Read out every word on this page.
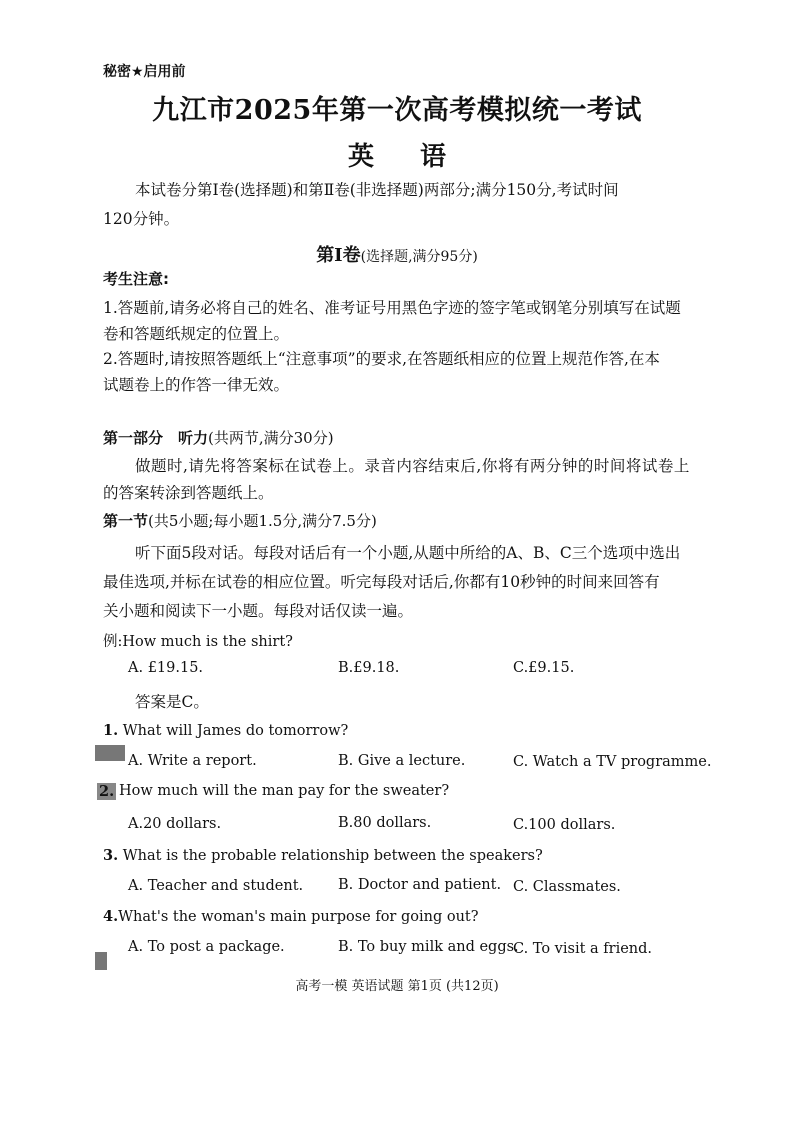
秘密★启用前
九江市2025年第一次高考模拟统一考试
英语
本试卷分第Ⅰ卷(选择题)和第Ⅱ卷(非选择题)两部分;满分150分,考试时间
120分钟。
第Ⅰ卷(选择题,满分95分)
考生注意:
1.答题前,请务必将自己的姓名、准考证号用黑色字迹的签字笔或钢笔分别填写在试题
卷和答题纸规定的位置上。
2.答题时,请按照答题纸上“注意事项”的要求,在答题纸相应的位置上规范作答,在本
试题卷上的作答一律无效。
第一部分　听力(共两节,满分30分)
做题时,请先将答案标在试卷上。录音内容结束后,你将有两分钟的时间将试卷上
的答案转涂到答题纸上。
第一节(共5小题;每小题1.5分,满分7.5分)
听下面5段对话。每段对话后有一个小题,从题中所给的A、B、C三个选项中选出
最佳选项,并标在试卷的相应位置。听完每段对话后,你都有10秒钟的时间来回答有
关小题和阅读下一小题。每段对话仅读一遍。
例:How much is the shirt?
A. £19.15.	B.£9.18.	C.£9.15.
答案是C。
1. What will James do tomorrow?
A. Write a report.	B. Give a lecture.	C. Watch a TV programme.
2. How much will the man pay for the sweater?
A.20 dollars.	B.80 dollars.	C.100 dollars.
3. What is the probable relationship between the speakers?
A. Teacher and student. B. Doctor and patient. C. Classmates.
4.What's the woman's main purpose for going out?
A. To post a package.	B. To buy milk and eggs.
C. To visit a friend.
高考一模 英语试题 第1页 (共12页)
